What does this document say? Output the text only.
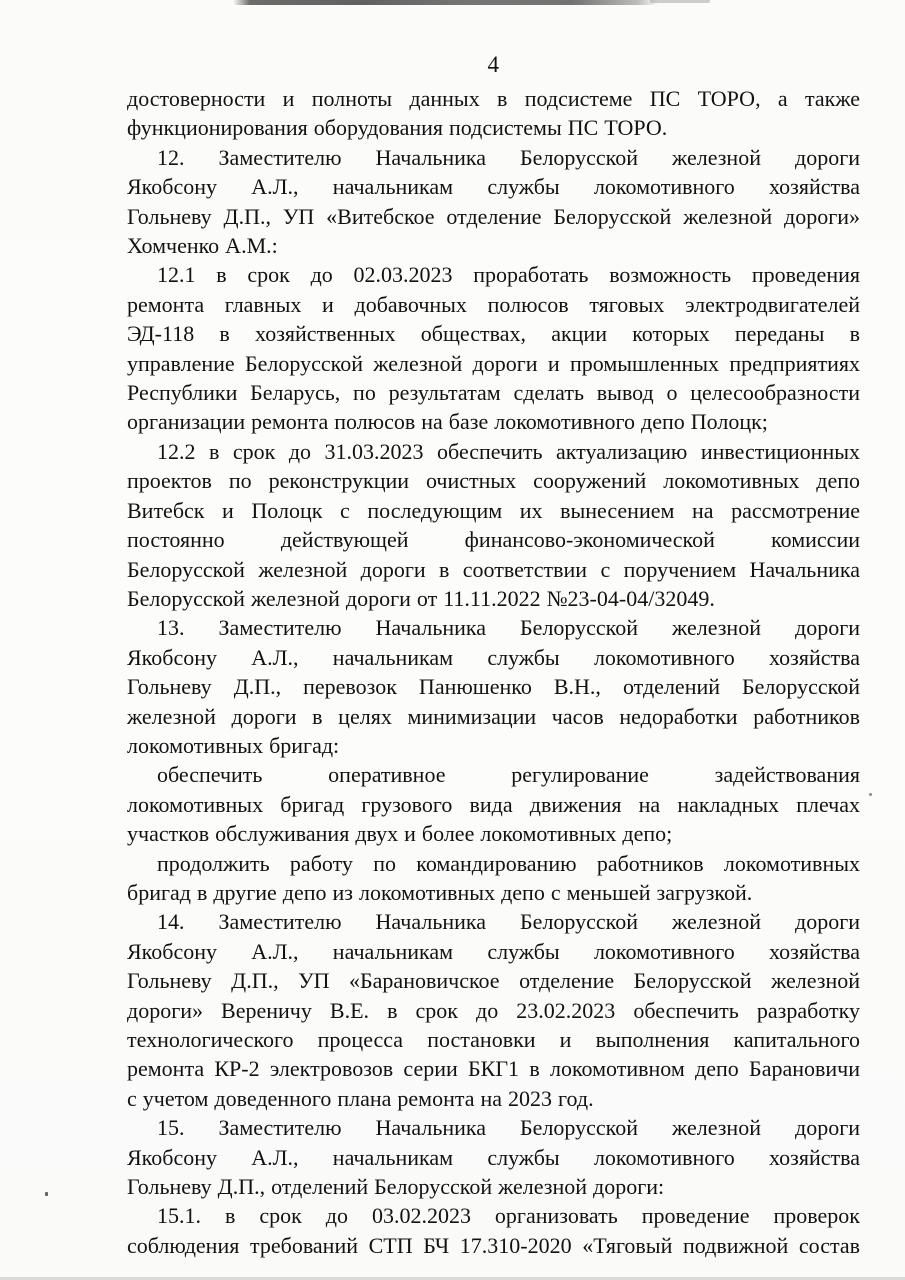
4
достоверности и полноты данных в подсистеме ПС ТОРО, а также
функционирования оборудования подсистемы ПС ТОРО.
12. Заместителю Начальника Белорусской железной дороги
Якобсону А.Л., начальникам службы локомотивного хозяйства
Гольневу Д.П., УП «Витебское отделение Белорусской железной дороги»
Хомченко А.М.:
12.1 в срок до 02.03.2023 проработать возможность проведения
ремонта главных и добавочных полюсов тяговых электродвигателей
ЭД-118 в хозяйственных обществах, акции которых переданы в
управление Белорусской железной дороги и промышленных предприятиях
Республики Беларусь, по результатам сделать вывод о целесообразности
организации ремонта полюсов на базе локомотивного депо Полоцк;
12.2 в срок до 31.03.2023 обеспечить актуализацию инвестиционных
проектов по реконструкции очистных сооружений локомотивных депо
Витебск и Полоцк с последующим их вынесением на рассмотрение
постоянно действующей финансово-экономической комиссии
Белорусской железной дороги в соответствии с поручением Начальника
Белорусской железной дороги от 11.11.2022 №23-04-04/32049.
13. Заместителю Начальника Белорусской железной дороги
Якобсону А.Л., начальникам службы локомотивного хозяйства
Гольневу Д.П., перевозок Панюшенко В.Н., отделений Белорусской
железной дороги в целях минимизации часов недоработки работников
локомотивных бригад:
обеспечить оперативное регулирование задействования
локомотивных бригад грузового вида движения на накладных плечах
участков обслуживания двух и более локомотивных депо;
продолжить работу по командированию работников локомотивных
бригад в другие депо из локомотивных депо с меньшей загрузкой.
14. Заместителю Начальника Белорусской железной дороги
Якобсону А.Л., начальникам службы локомотивного хозяйства
Гольневу Д.П., УП «Барановичское отделение Белорусской железной
дороги» Вереничу В.Е. в срок до 23.02.2023 обеспечить разработку
технологического процесса постановки и выполнения капитального
ремонта КР-2 электровозов серии БКГ1 в локомотивном депо Барановичи
с учетом доведенного плана ремонта на 2023 год.
15. Заместителю Начальника Белорусской железной дороги
Якобсону А.Л., начальникам службы локомотивного хозяйства
Гольневу Д.П., отделений Белорусской железной дороги:
15.1. в срок до 03.02.2023 организовать проведение проверок
соблюдения требований СТП БЧ 17.310-2020 «Тяговый подвижной состав
